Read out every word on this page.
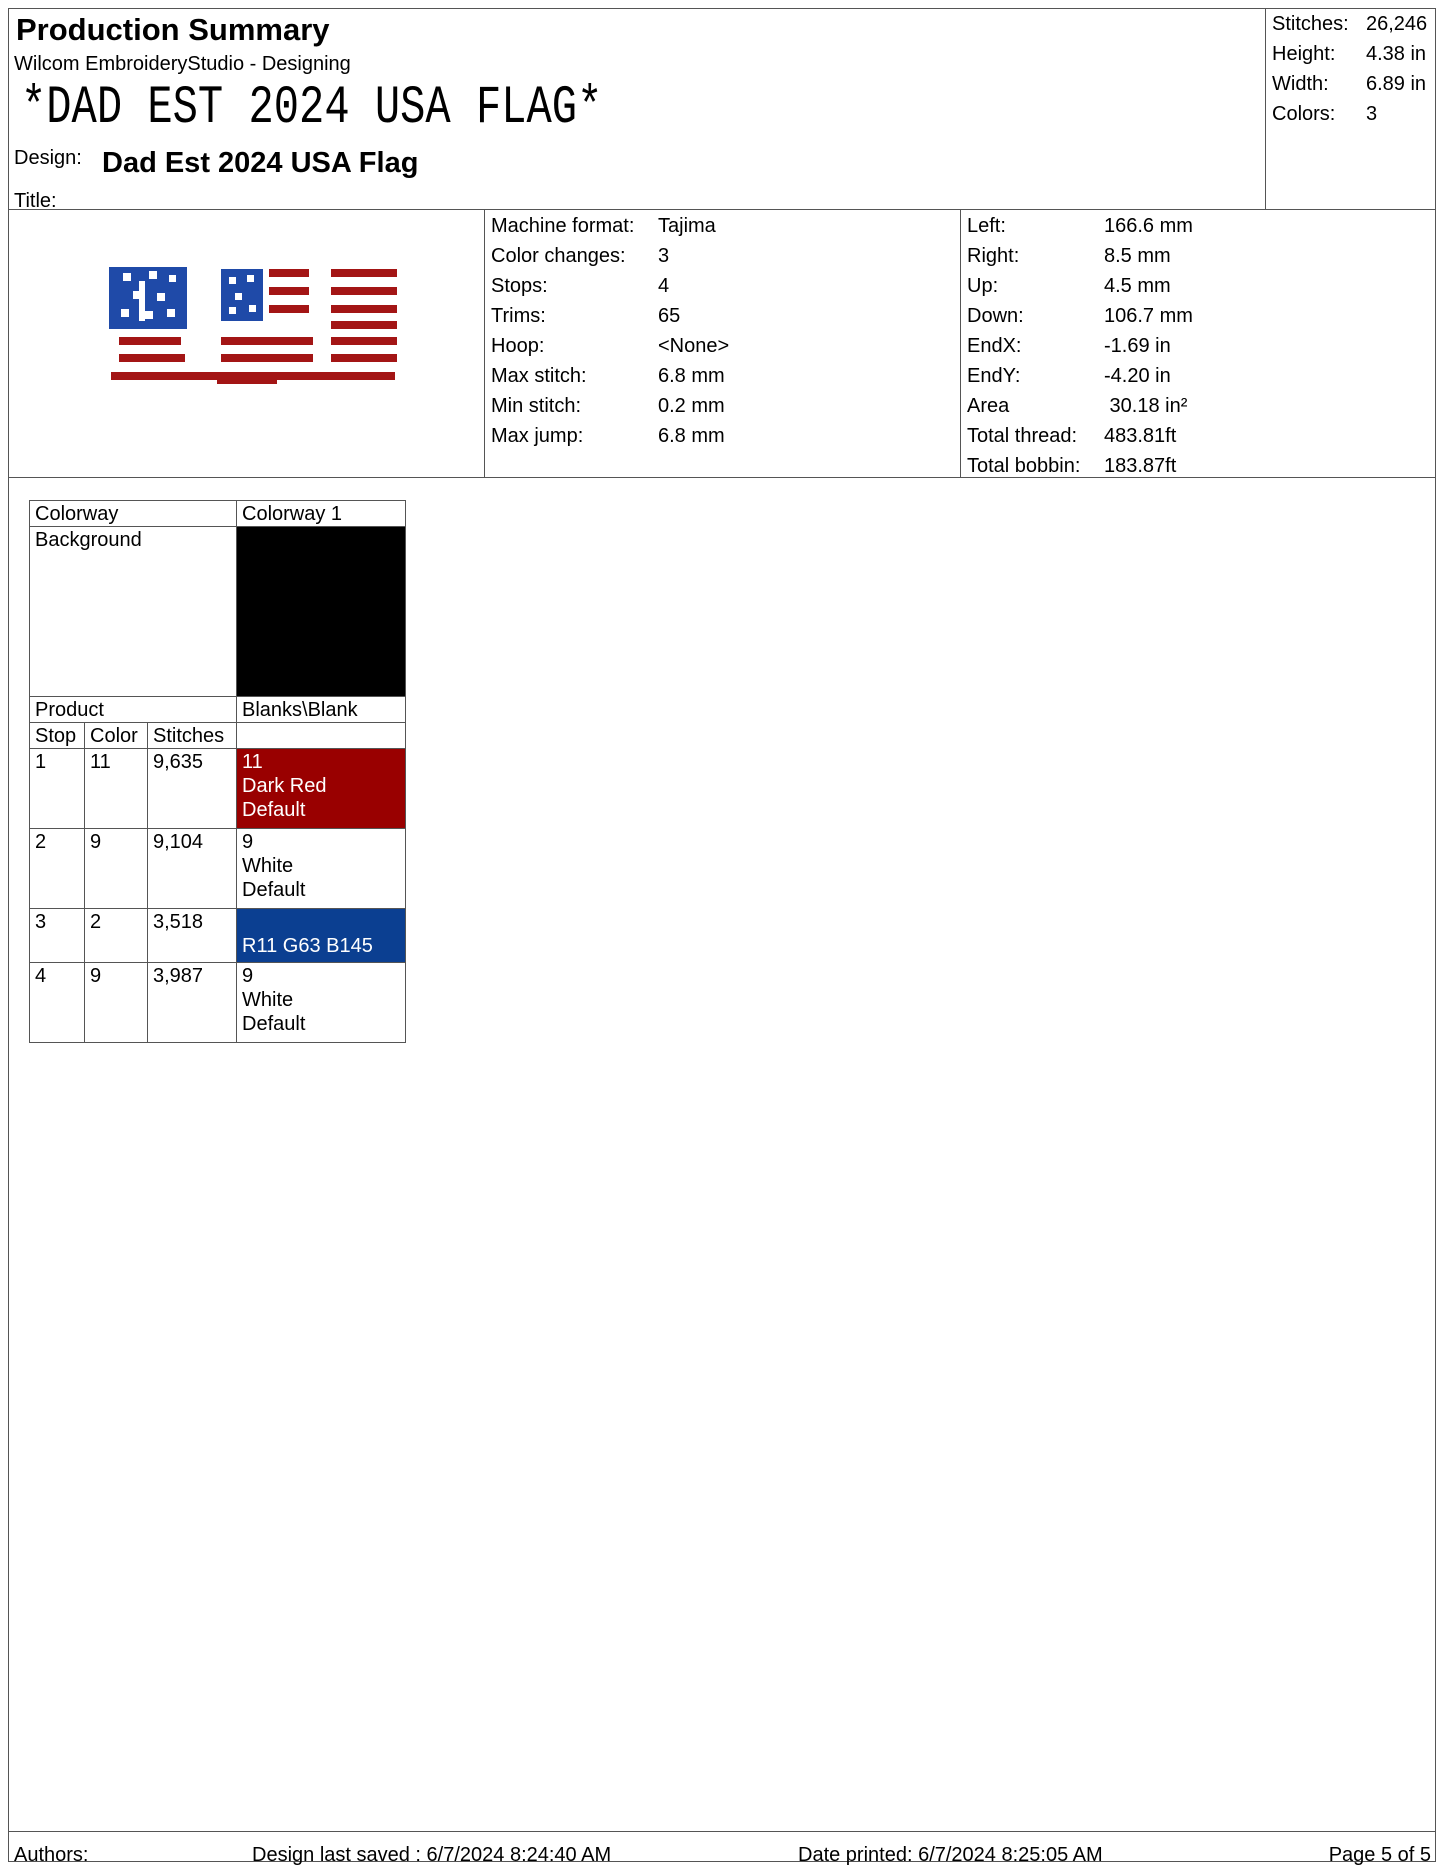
Production Summary
Wilcom EmbroideryStudio - Designing
*DAD EST 2024 USA FLAG*
Design: Dad Est 2024 USA Flag
Title:
Stitches: 26,246
Height:	4.38 in
Width:	6.89 in
Colors:	3
Machine format:	Tajima
Color changes:	3
Stops:	4
Trims:	65
Hoop:	<None>
Max stitch:	6.8 mm
Min stitch:	0.2 mm
Max jump:	6.8 mm
Left:	166.6 mm
Right:	8.5 mm
Up:	4.5 mm
Down:	106.7 mm
EndX:	-1.69 in
EndY:	-4.20 in
Area	30.18 in²
Total thread:	483.81ft
Total bobbin:	183.87ft
Authors:	Design last saved : 6/7/2024 8:24:40 AM	Date printed: 6/7/2024 8:25:05 AM	Page 5 of 5
Colorway			Colorway 1
Background			
Product			Blanks\Blank
Stop	Color	Stitches	
1	11	9,635	11
Dark Red
Default

2	9	9,104	9
White
Default

3	2	3,518	R11 G63 B145

4	9	3,987	9
White
Default
